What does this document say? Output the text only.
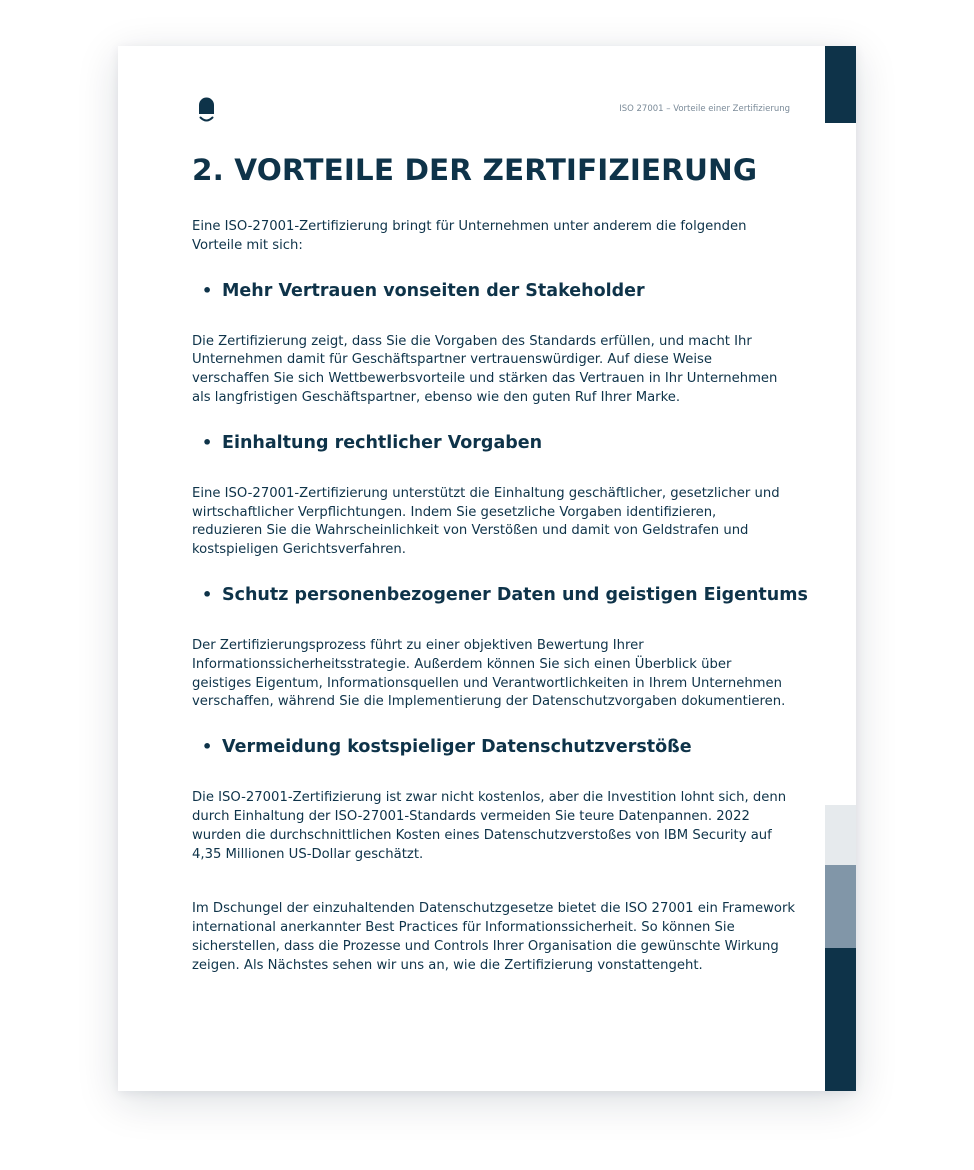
ISO 27001 – Vorteile einer Zertifizierung
2. VORTEILE DER ZERTIFIZIERUNG

Eine ISO-27001-Zertifizierung bringt für Unternehmen unter anderem die folgenden Vorteile mit sich:

• Mehr Vertrauen vonseiten der Stakeholder

Die Zertifizierung zeigt, dass Sie die Vorgaben des Standards erfüllen, und macht Ihr Unternehmen damit für Geschäftspartner vertrauenswürdiger. Auf diese Weise verschaffen Sie sich Wettbewerbsvorteile und stärken das Vertrauen in Ihr Unternehmen als langfristigen Geschäftspartner, ebenso wie den guten Ruf Ihrer Marke.

• Einhaltung rechtlicher Vorgaben

Eine ISO-27001-Zertifizierung unterstützt die Einhaltung geschäftlicher, gesetzlicher und wirtschaftlicher Verpflichtungen. Indem Sie gesetzliche Vorgaben identifizieren, reduzieren Sie die Wahrscheinlichkeit von Verstößen und damit von Geldstrafen und kostspieligen Gerichtsverfahren.

• Schutz personenbezogener Daten und geistigen Eigentums

Der Zertifizierungsprozess führt zu einer objektiven Bewertung Ihrer Informationssicherheitsstrategie. Außerdem können Sie sich einen Überblick über geistiges Eigentum, Informationsquellen und Verantwortlichkeiten in Ihrem Unternehmen verschaffen, während Sie die Implementierung der Datenschutzvorgaben dokumentieren.

• Vermeidung kostspieliger Datenschutzverstöße

Die ISO-27001-Zertifizierung ist zwar nicht kostenlos, aber die Investition lohnt sich, denn durch Einhaltung der ISO-27001-Standards vermeiden Sie teure Datenpannen. 2022 wurden die durchschnittlichen Kosten eines Datenschutzverstoßes von IBM Security auf 4,35 Millionen US-Dollar geschätzt.

Im Dschungel der einzuhaltenden Datenschutzgesetze bietet die ISO 27001 ein Framework international anerkannter Best Practices für Informationssicherheit. So können Sie sicherstellen, dass die Prozesse und Controls Ihrer Organisation die gewünschte Wirkung zeigen. Als Nächstes sehen wir uns an, wie die Zertifizierung vonstattengeht.
